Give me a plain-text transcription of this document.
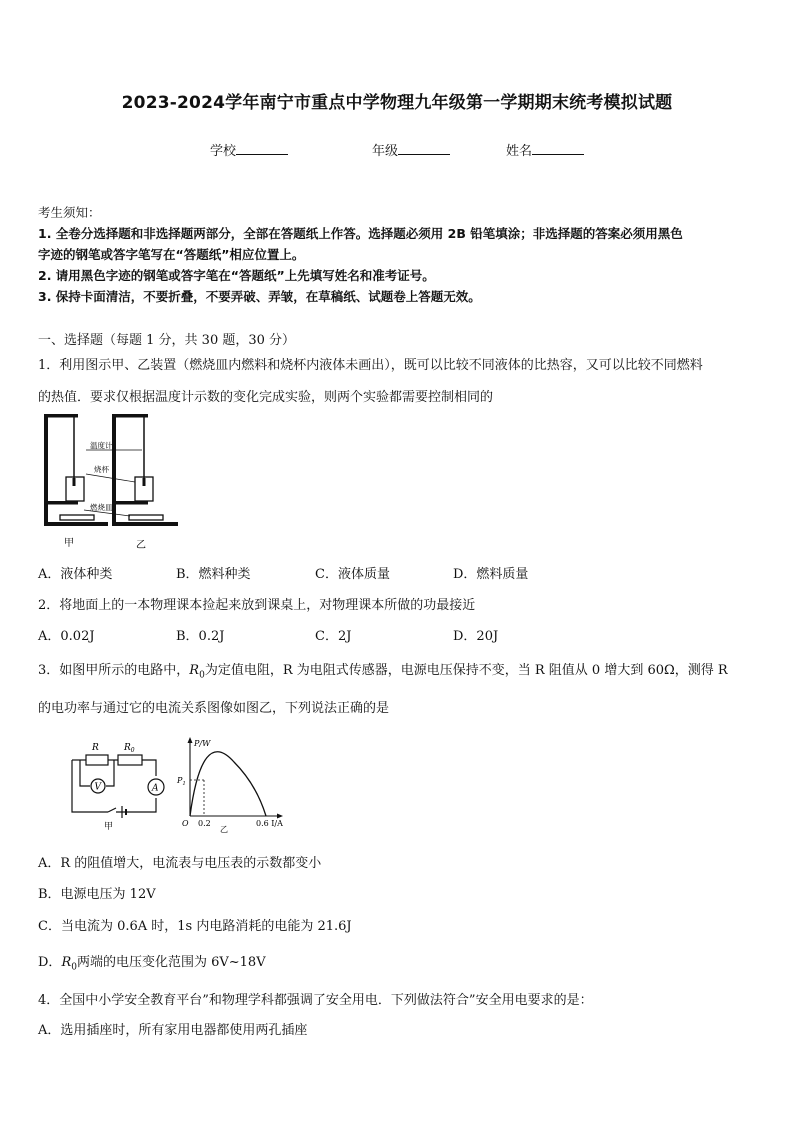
2023-2024学年南宁市重点中学物理九年级第一学期期末统考模拟试题
学校	年级	姓名
考生须知：
1. 全卷分选择题和非选择题两部分，全部在答题纸上作答。选择题必须用 2B 铅笔填涂；非选择题的答案必须用黑色
字迹的钢笔或答字笔写在“答题纸”相应位置上。
2. 请用黑色字迹的钢笔或答字笔在“答题纸”上先填写姓名和准考证号。
3. 保持卡面清洁，不要折叠，不要弄破、弄皱，在草稿纸、试题卷上答题无效。
一、选择题（每题 1 分，共 30 题，30 分）
1．利用图示甲、乙装置（燃烧皿内燃料和烧杯内液体未画出），既可以比较不同液体的比热容，又可以比较不同燃料
的热值．要求仅根据温度计示数的变化完成实验，则两个实验都需要控制相同的
温度计
烧杯
燃烧皿
甲	乙
A．液体种类	B．燃料种类	C．液体质量	D．燃料质量
2．将地面上的一本物理课本捡起来放到课桌上，对物理课本所做的功最接近
A．0.02J	B．0.2J	C．2J	D．20J
3．如图甲所示的电路中，$R_0$为定值电阻，R 为电阻式传感器，电源电压保持不变，当 R 阻值从 0 增大到 60Ω，测得 R
的电功率与通过它的电流关系图像如图乙，下列说法正确的是
V	A
R	$R_0$
甲
P/W
$P_1$
O 0.2	0.6 I/A
乙
A．R 的阻值增大，电流表与电压表的示数都变小
B．电源电压为 12V
C．当电流为 0.6A 时，1s 内电路消耗的电能为 21.6J
D．$R_0$两端的电压变化范围为 6V~18V
4．全国中小学安全教育平台”和物理学科都强调了安全用电．下列做法符合”安全用电要求的是：
A．选用插座时，所有家用电器都使用两孔插座
